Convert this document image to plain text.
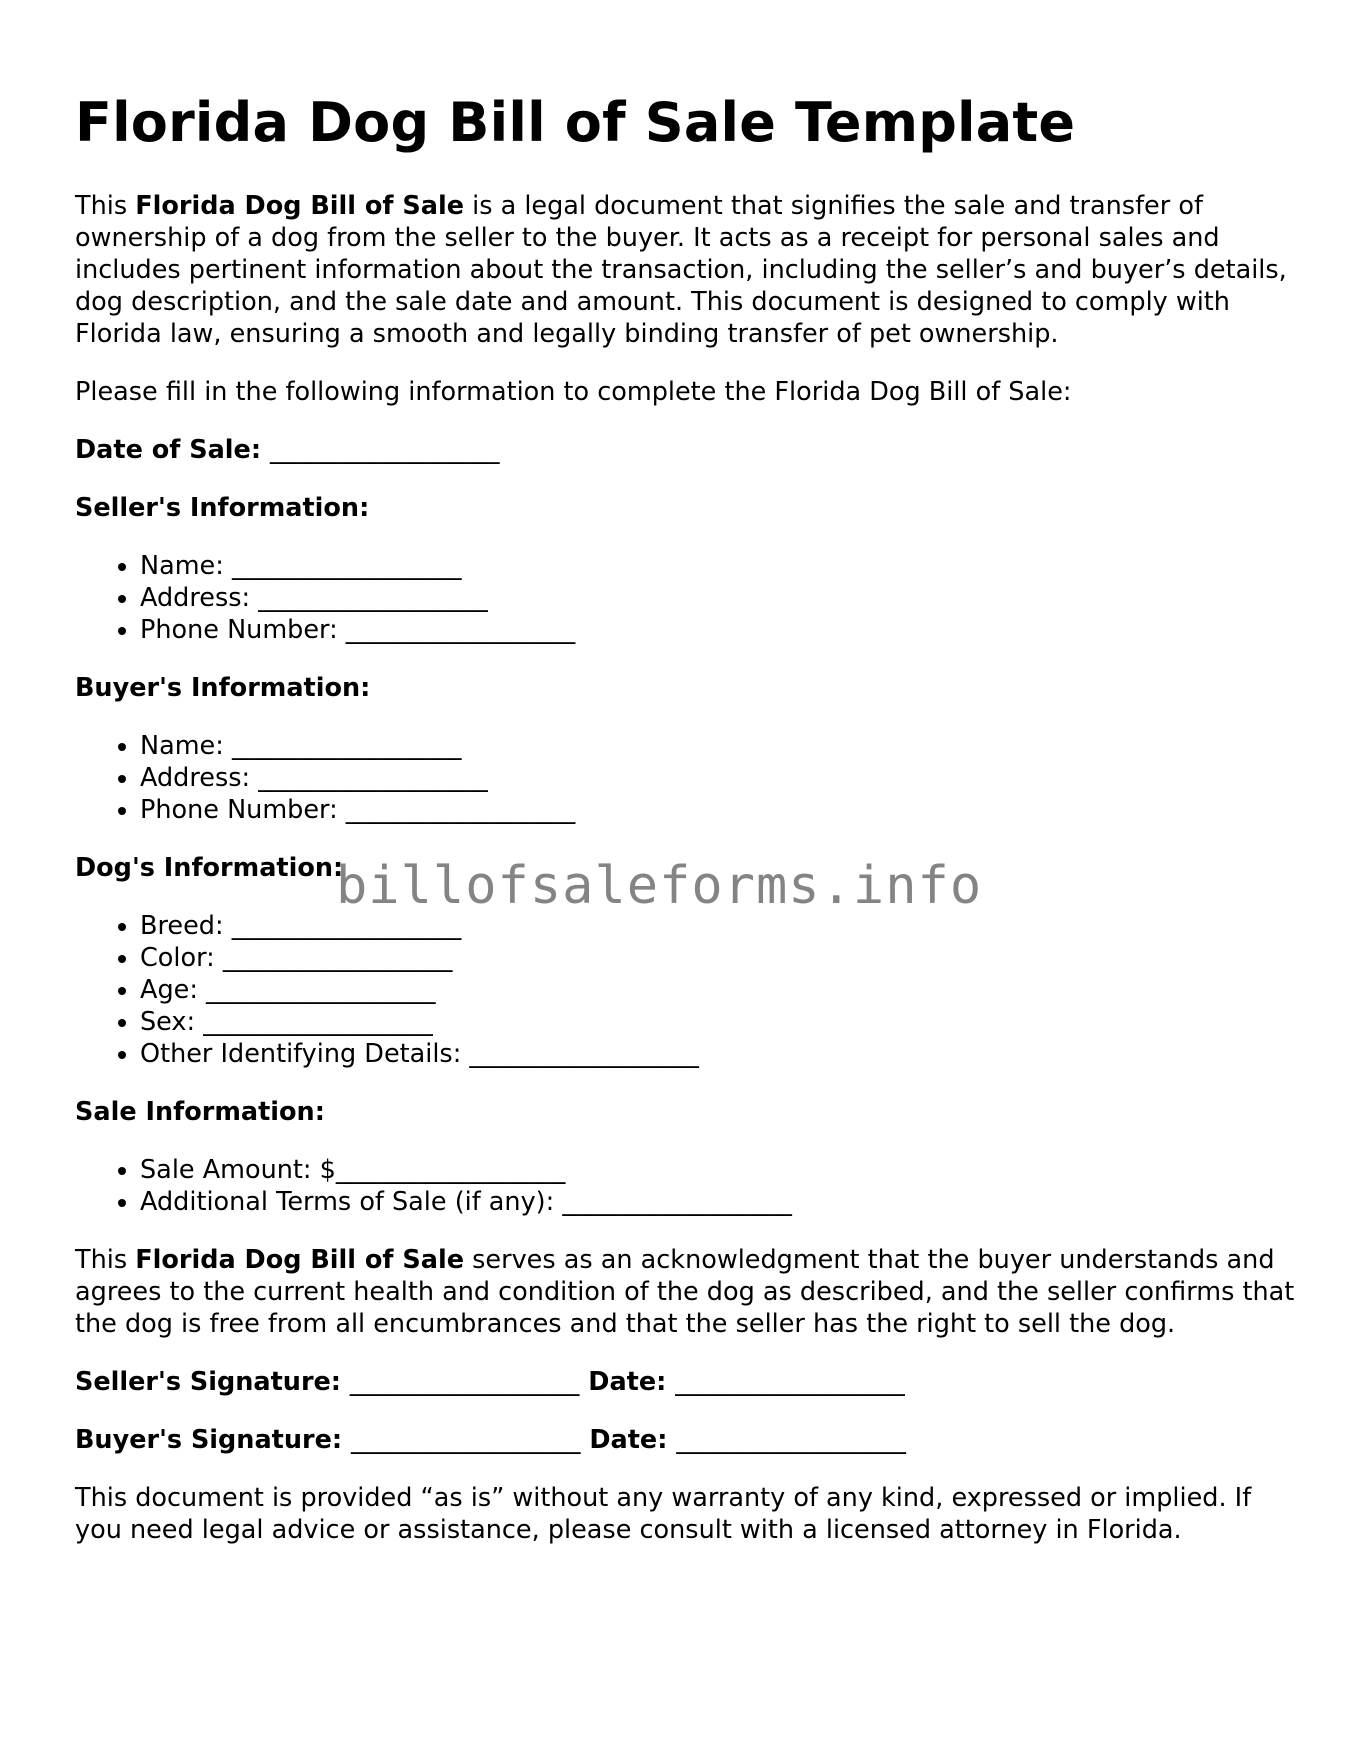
Florida Dog Bill of Sale Template

This Florida Dog Bill of Sale is a legal document that signifies the sale and transfer of ownership of a dog from the seller to the buyer. It acts as a receipt for personal sales and includes pertinent information about the transaction, including the seller’s and buyer’s details, dog description, and the sale date and amount. This document is designed to comply with Florida law, ensuring a smooth and legally binding transfer of pet ownership.

Please fill in the following information to complete the Florida Dog Bill of Sale:

Date of Sale: __________________
Seller's Information:
• Name: __________________
• Address: __________________
• Phone Number: __________________
Buyer's Information:
• Name: __________________
• Address: __________________
• Phone Number: __________________
Dog's Information:
• Breed: __________________
• Color: __________________
• Age: __________________
• Sex: __________________
• Other Identifying Details: __________________
Sale Information:
• Sale Amount: $__________________
• Additional Terms of Sale (if any): __________________

This Florida Dog Bill of Sale serves as an acknowledgment that the buyer understands and agrees to the current health and condition of the dog as described, and the seller confirms that the dog is free from all encumbrances and that the seller has the right to sell the dog.

Seller's Signature: __________________ Date: __________________
Buyer's Signature: __________________ Date: __________________

This document is provided “as is” without any warranty of any kind, expressed or implied. If you need legal advice or assistance, please consult with a licensed attorney in Florida.

billofsaleforms.info
